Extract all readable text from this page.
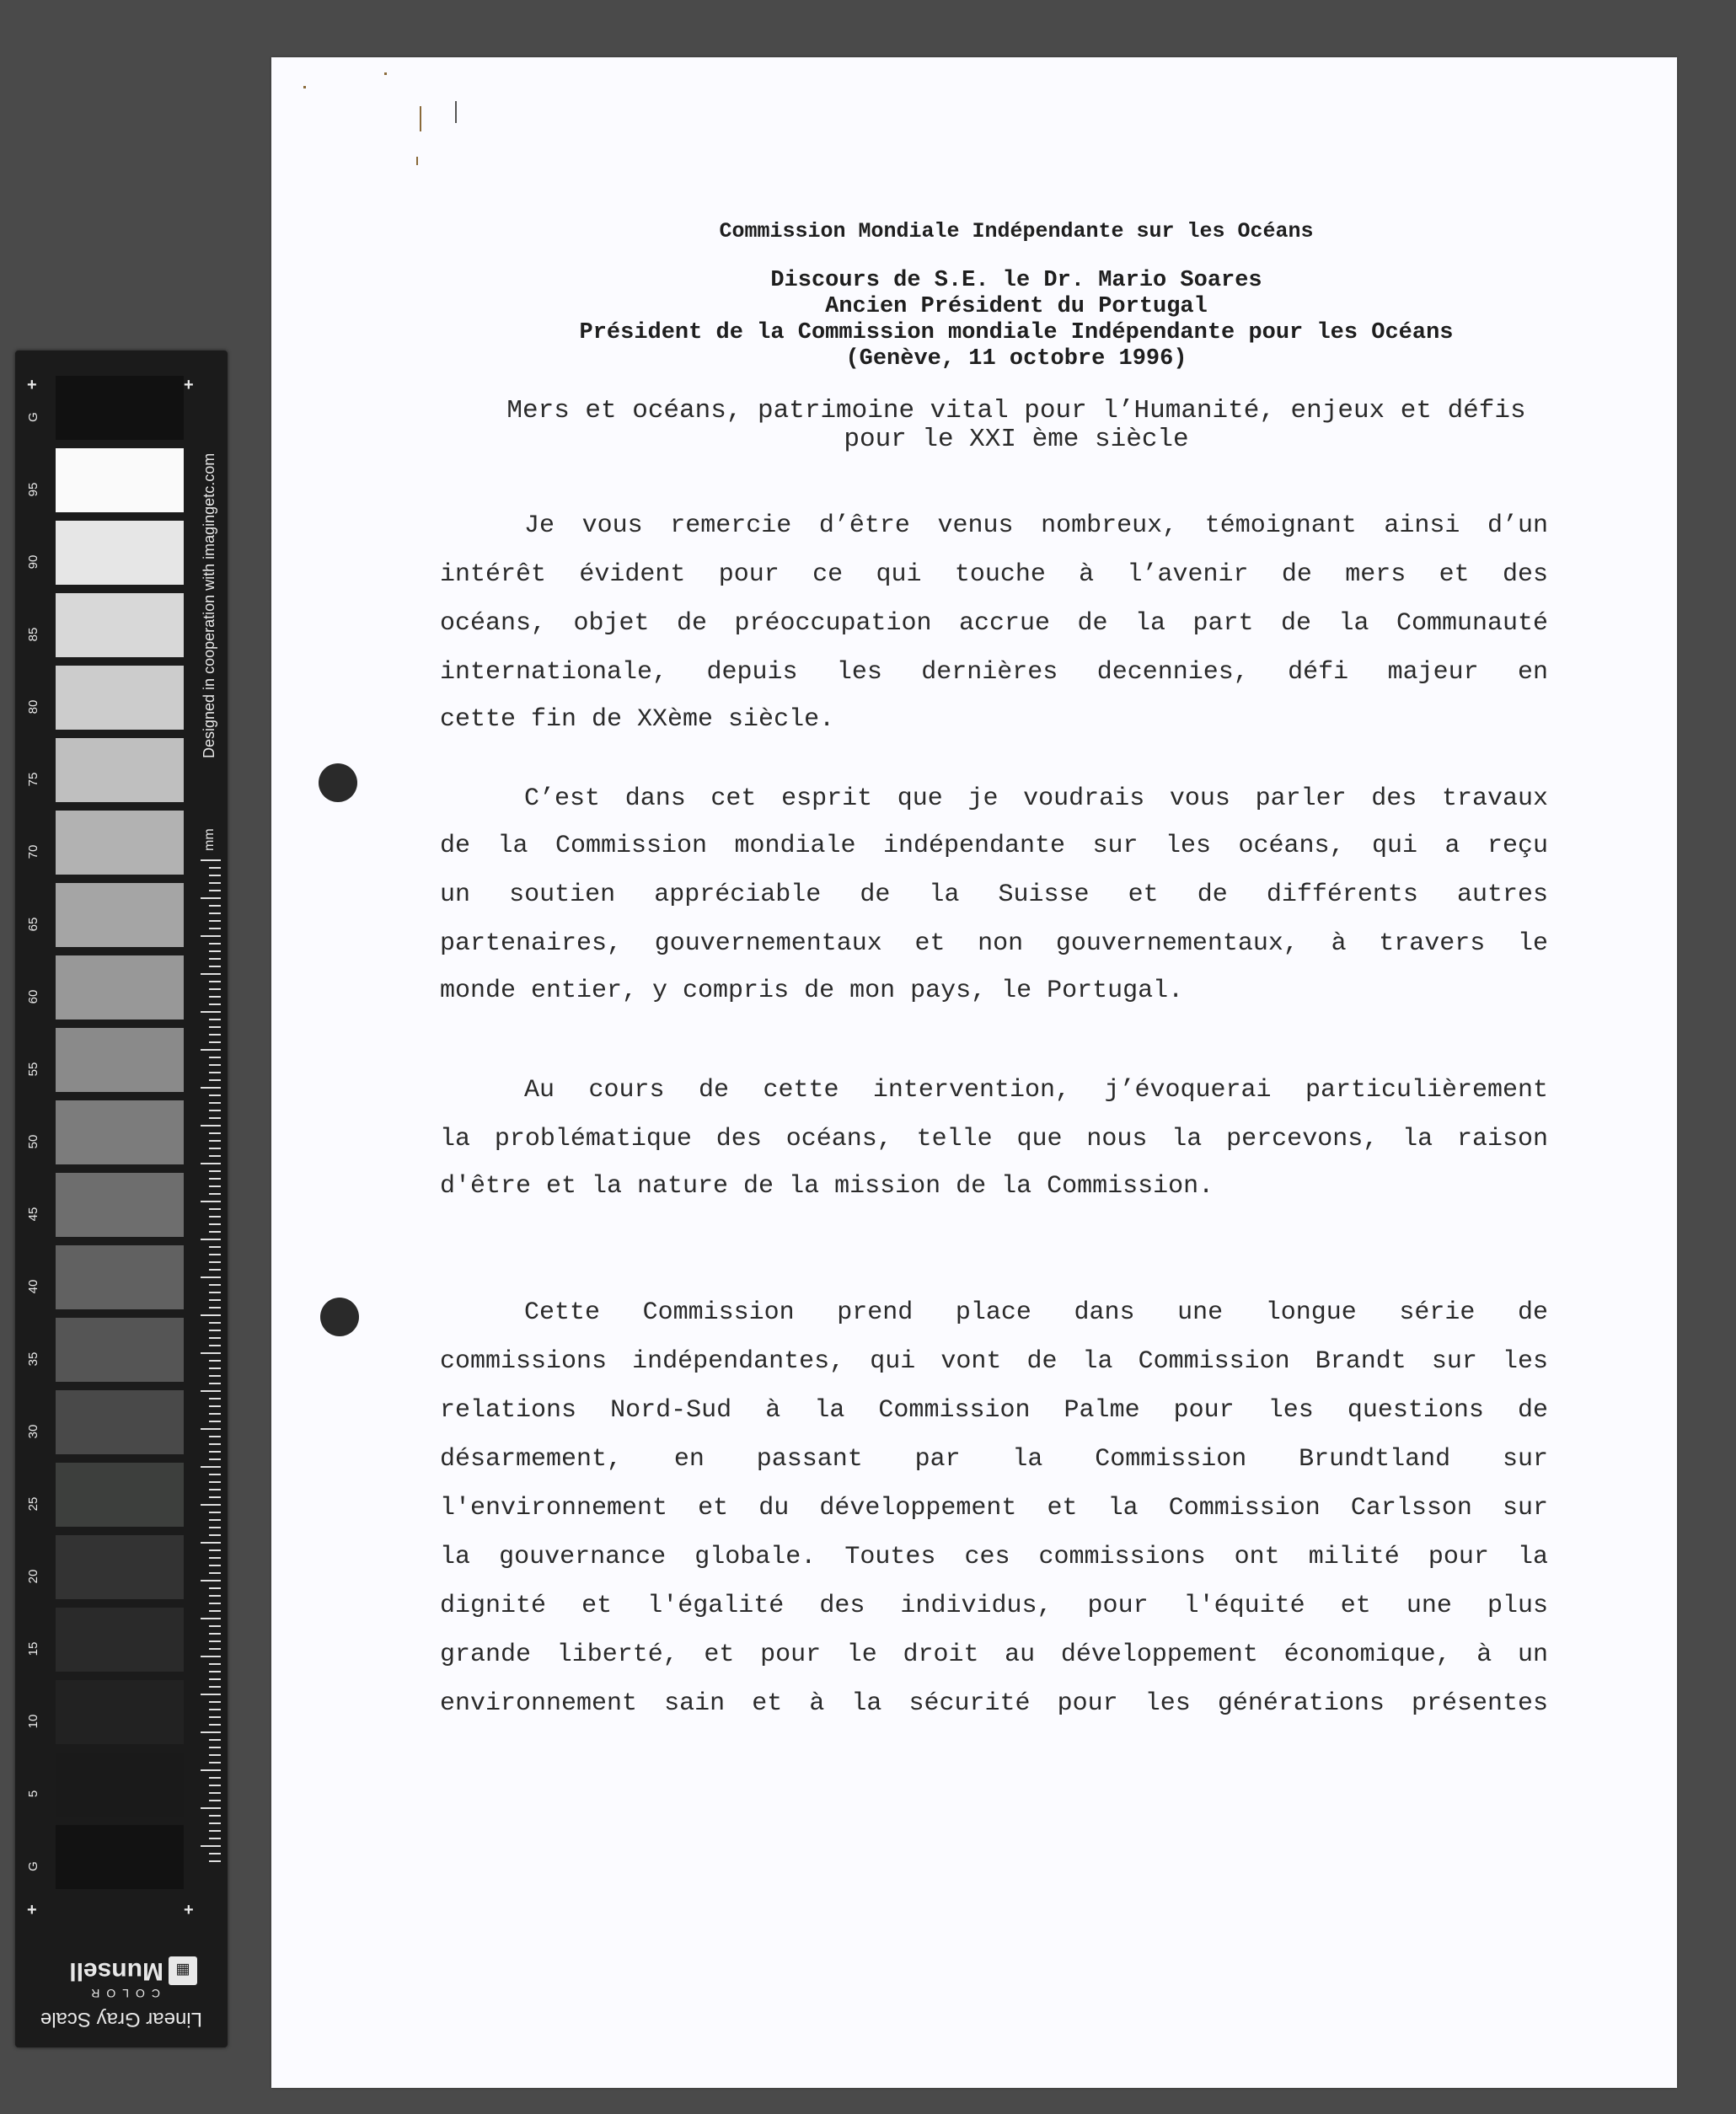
+	+
G
95
90
85
80
75
70
65
60
55
50
45
40
35
30
25
20
15
10
5
G
+	+
Designed in cooperation with imagingetc.com
mm
Linear Gray Scale
COLOR
▦
Munsell
Commission Mondiale Indépendante sur les Océans
Discours de S.E. le Dr. Mario Soares
Ancien Président du Portugal
Président de la Commission mondiale Indépendante pour les Océans
(Genève, 11 octobre 1996)
Mers et océans, patrimoine vital pour l’Humanité, enjeux et défis
pour le XXI ème siècle
Je vous remercie d’être venus nombreux, témoignant ainsi d’un
intérêt évident pour ce qui touche à l’avenir de mers et des
océans, objet de préoccupation accrue de la part de la Communauté
internationale, depuis les dernières decennies, défi majeur en
cette fin de XXème siècle.
C’est dans cet esprit que je voudrais vous parler des travaux
de la Commission mondiale indépendante sur les océans, qui a reçu
un soutien appréciable de la Suisse et de différents autres
partenaires, gouvernementaux et non gouvernementaux, à travers le
monde entier, y compris de mon pays, le Portugal.
Au cours de cette intervention, j’évoquerai particulièrement
la problématique des océans, telle que nous la percevons, la raison
d'être et la nature de la mission de la Commission.
Cette Commission prend place dans une longue série de
commissions indépendantes, qui vont de la Commission Brandt sur les
relations Nord-Sud à la Commission Palme pour les questions de
désarmement, en passant par la Commission Brundtland sur
l'environnement et du développement et la Commission Carlsson sur
la gouvernance globale. Toutes ces commissions ont milité pour la
dignité et l'égalité des individus, pour l'équité et une plus
grande liberté, et pour le droit au développement économique, à un
environnement sain et à la sécurité pour les générations présentes
